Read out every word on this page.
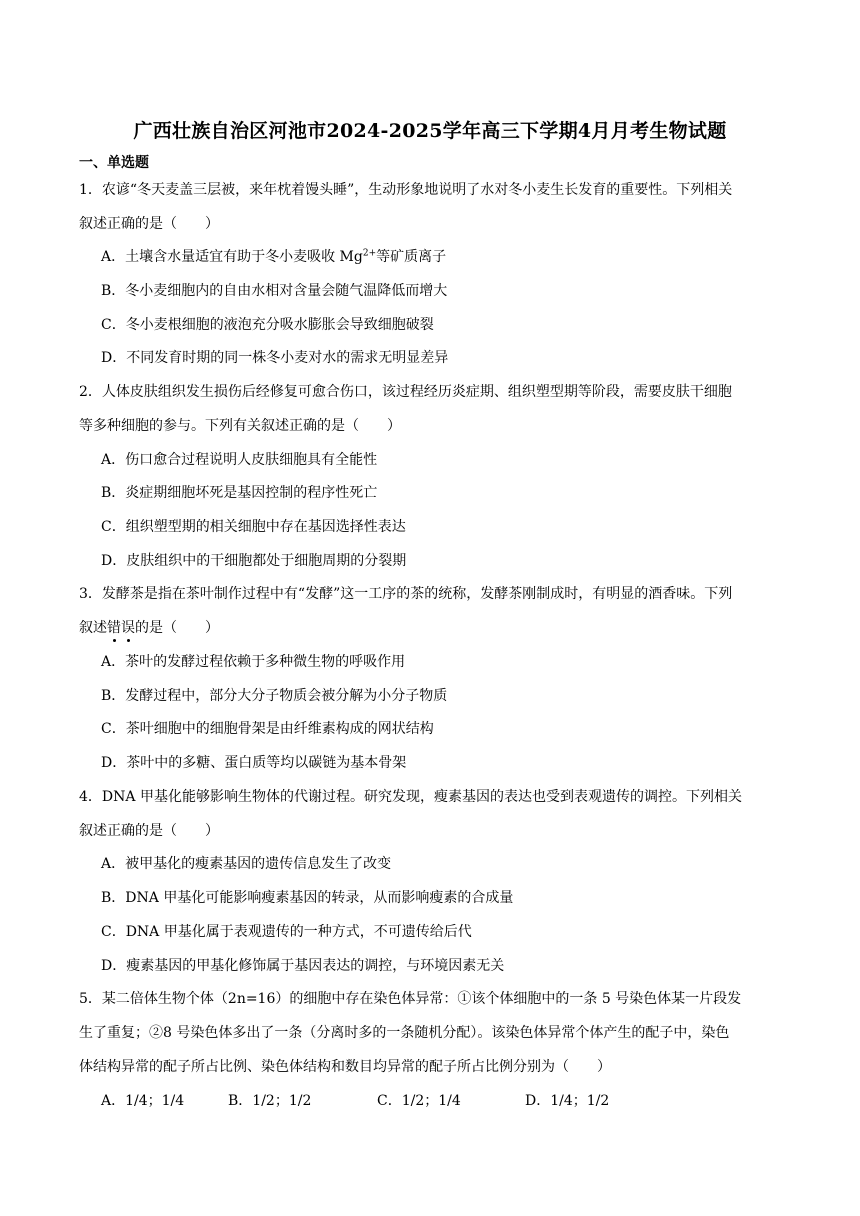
广西壮族自治区河池市2024-2025学年高三下学期4月月考生物试题
一、单选题
1．农谚“冬天麦盖三层被，来年枕着馒头睡”，生动形象地说明了水对冬小麦生长发育的重要性。下列相关
叙述正确的是（　　）
A．土壤含水量适宜有助于冬小麦吸收 $Mg^{2+}$等矿质离子
B．冬小麦细胞内的自由水相对含量会随气温降低而增大
C．冬小麦根细胞的液泡充分吸水膨胀会导致细胞破裂
D．不同发育时期的同一株冬小麦对水的需求无明显差异
2．人体皮肤组织发生损伤后经修复可愈合伤口，该过程经历炎症期、组织塑型期等阶段，需要皮肤干细胞
等多种细胞的参与。下列有关叙述正确的是（　　）
A．伤口愈合过程说明人皮肤细胞具有全能性
B．炎症期细胞坏死是基因控制的程序性死亡
C．组织塑型期的相关细胞中存在基因选择性表达
D．皮肤组织中的干细胞都处于细胞周期的分裂期
3．发酵茶是指在茶叶制作过程中有“发酵”这一工序的茶的统称，发酵茶刚制成时，有明显的酒香味。下列
叙述错误的是（　　）
A．茶叶的发酵过程依赖于多种微生物的呼吸作用
B．发酵过程中，部分大分子物质会被分解为小分子物质
C．茶叶细胞中的细胞骨架是由纤维素构成的网状结构
D．茶叶中的多糖、蛋白质等均以碳链为基本骨架
4．DNA 甲基化能够影响生物体的代谢过程。研究发现，瘦素基因的表达也受到表观遗传的调控。下列相关
叙述正确的是（　　）
A．被甲基化的瘦素基因的遗传信息发生了改变
B．DNA 甲基化可能影响瘦素基因的转录，从而影响瘦素的合成量
C．DNA 甲基化属于表观遗传的一种方式，不可遗传给后代
D．瘦素基因的甲基化修饰属于基因表达的调控，与环境因素无关
5．某二倍体生物个体（2n=16）的细胞中存在染色体异常：①该个体细胞中的一条 5 号染色体某一片段发
生了重复；②8 号染色体多出了一条（分离时多的一条随机分配）。该染色体异常个体产生的配子中，染色
体结构异常的配子所占比例、染色体结构和数目均异常的配子所占比例分别为（　　）
A．1/4；1/4	B．1/2；1/2	C．1/2；1/4	D．1/4；1/2
